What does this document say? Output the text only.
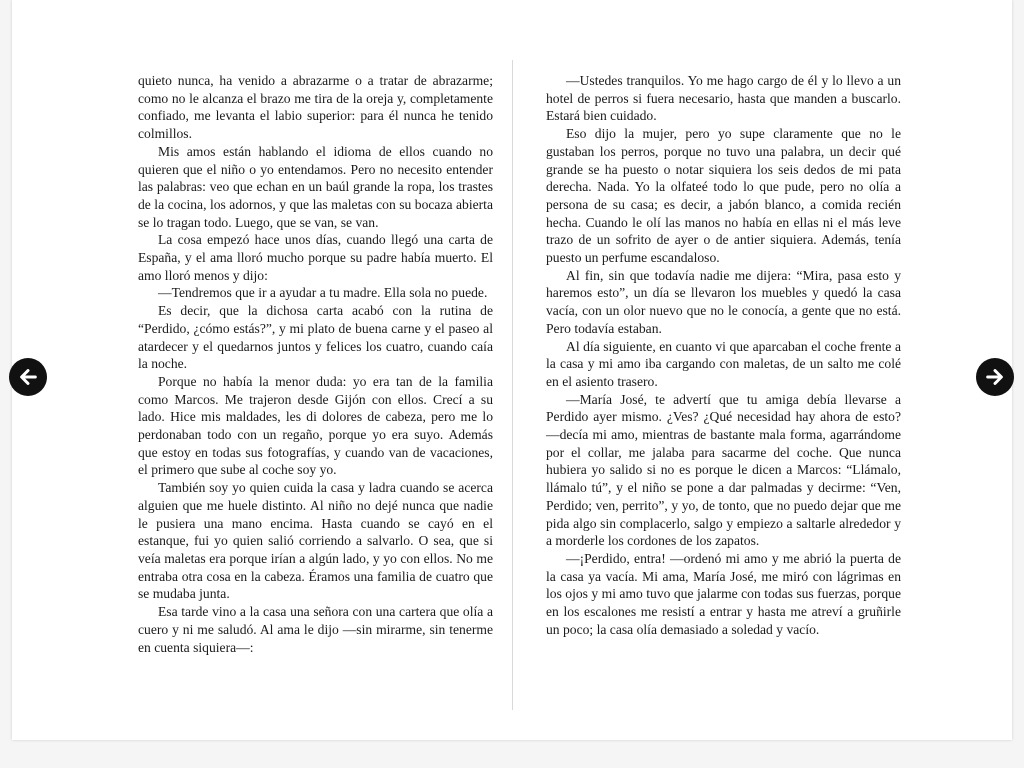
quieto nunca, ha venido a abrazarme o a tratar de abrazarme; como no le alcanza el brazo me tira de la oreja y, completamente confiado, me levanta el labio superior: para él nunca he tenido colmillos.

Mis amos están hablando el idioma de ellos cuando no quieren que el niño o yo entendamos. Pero no necesito entender las palabras: veo que echan en un baúl grande la ropa, los trastes de la cocina, los adornos, y que las maletas con su bocaza abierta se lo tragan todo. Luego, que se van, se van.

La cosa empezó hace unos días, cuando llegó una carta de España, y el ama lloró mucho porque su padre había muerto. El amo lloró menos y dijo:

—Tendremos que ir a ayudar a tu madre. Ella sola no puede.

Es decir, que la dichosa carta acabó con la rutina de “Perdido, ¿cómo estás?”, y mi plato de buena carne y el paseo al atardecer y el quedarnos juntos y felices los cuatro, cuando caía la noche.

Porque no había la menor duda: yo era tan de la familia como Marcos. Me trajeron desde Gijón con ellos. Crecí a su lado. Hice mis maldades, les di dolores de cabeza, pero me lo perdonaban todo con un regaño, porque yo era suyo. Además que estoy en todas sus fotografías, y cuando van de vacaciones, el primero que sube al coche soy yo.

También soy yo quien cuida la casa y ladra cuando se acerca alguien que me huele distinto. Al niño no dejé nunca que nadie le pusiera una mano encima. Hasta cuando se cayó en el estanque, fui yo quien salió corriendo a salvarlo. O sea, que si veía maletas era porque irían a algún lado, y yo con ellos. No me entraba otra cosa en la cabeza. Éramos una familia de cuatro que se mudaba junta.

Esa tarde vino a la casa una señora con una cartera que olía a cuero y ni me saludó. Al ama le dijo —sin mirarme, sin tenerme en cuenta siquiera—:

—Ustedes tranquilos. Yo me hago cargo de él y lo llevo a un hotel de perros si fuera necesario, hasta que manden a buscarlo. Estará bien cuidado.

Eso dijo la mujer, pero yo supe claramente que no le gustaban los perros, porque no tuvo una palabra, un decir qué grande se ha puesto o notar siquiera los seis dedos de mi pata derecha. Nada. Yo la olfateé todo lo que pude, pero no olía a persona de su casa; es decir, a jabón blanco, a comida recién hecha. Cuando le olí las manos no había en ellas ni el más leve trazo de un sofrito de ayer o de antier siquiera. Además, tenía puesto un perfume escandaloso.

Al fin, sin que todavía nadie me dijera: “Mira, pasa esto y haremos esto”, un día se llevaron los muebles y quedó la casa vacía, con un olor nuevo que no le conocía, a gente que no está. Pero todavía estaban.

Al día siguiente, en cuanto vi que aparcaban el coche frente a la casa y mi amo iba cargando con maletas, de un salto me colé en el asiento trasero.

—María José, te advertí que tu amiga debía llevarse a Perdido ayer mismo. ¿Ves? ¿Qué necesidad hay ahora de esto? —decía mi amo, mientras de bastante mala forma, agarrándome por el collar, me jalaba para sacarme del coche. Que nunca hubiera yo salido si no es porque le dicen a Marcos: “Llámalo, llámalo tú”, y el niño se pone a dar palmadas y decirme: “Ven, Perdido; ven, perrito”, y yo, de tonto, que no puedo dejar que me pida algo sin complacerlo, salgo y empiezo a saltarle alrededor y a morderle los cordones de los zapatos.

—¡Perdido, entra! —ordenó mi amo y me abrió la puerta de la casa ya vacía. Mi ama, María José, me miró con lágrimas en los ojos y mi amo tuvo que jalarme con todas sus fuerzas, porque en los escalones me resistí a entrar y hasta me atreví a gruñirle un poco; la casa olía demasiado a soledad y vacío.
